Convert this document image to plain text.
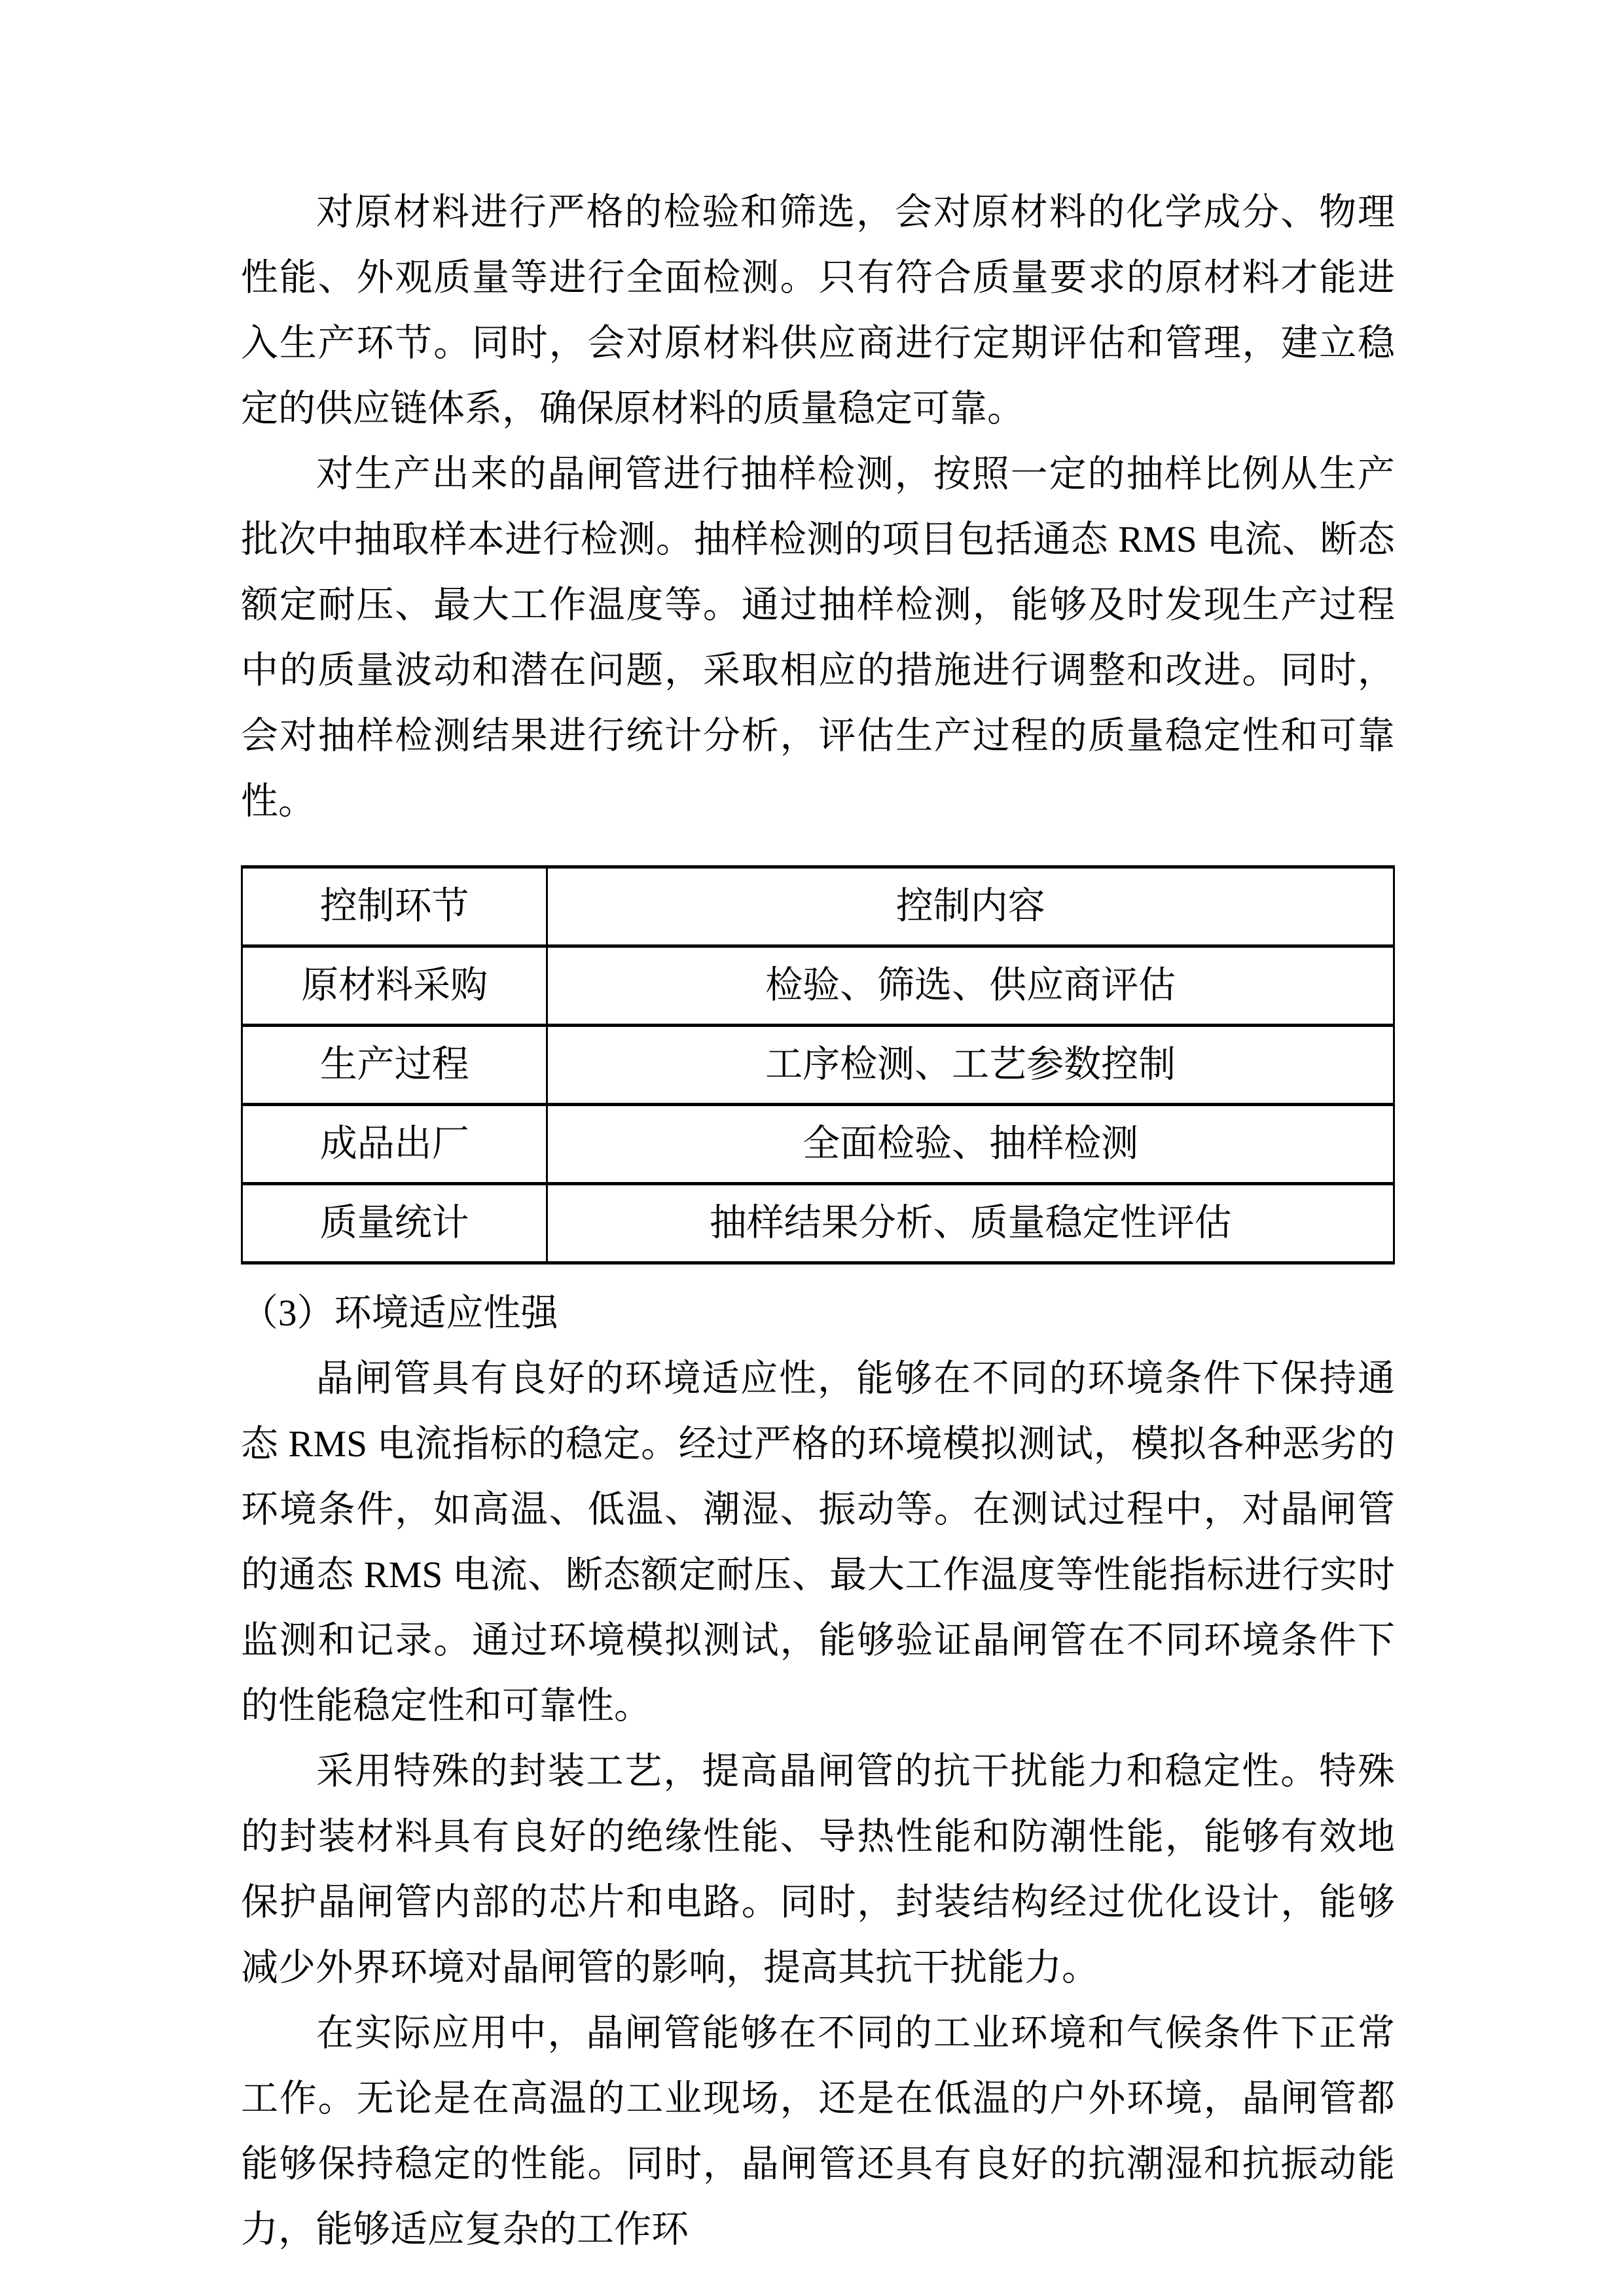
对原材料进行严格的检验和筛选，会对原材料的化学成分、物理性能、外观质量等进行全面检测。只有符合质量要求的原材料才能进入生产环节。同时，会对原材料供应商进行定期评估和管理，建立稳定的供应链体系，确保原材料的质量稳定可靠。

对生产出来的晶闸管进行抽样检测，按照一定的抽样比例从生产批次中抽取样本进行检测。抽样检测的项目包括通态 RMS 电流、断态额定耐压、最大工作温度等。通过抽样检测，能够及时发现生产过程中的质量波动和潜在问题，采取相应的措施进行调整和改进。同时，会对抽样检测结果进行统计分析，评估生产过程的质量稳定性和可靠性。

控制环节	控制内容
原材料采购	检验、筛选、供应商评估
生产过程	工序检测、工艺参数控制
成品出厂	全面检验、抽样检测
质量统计	抽样结果分析、质量稳定性评估

（3）环境适应性强

晶闸管具有良好的环境适应性，能够在不同的环境条件下保持通态 RMS 电流指标的稳定。经过严格的环境模拟测试，模拟各种恶劣的环境条件，如高温、低温、潮湿、振动等。在测试过程中，对晶闸管的通态 RMS 电流、断态额定耐压、最大工作温度等性能指标进行实时监测和记录。通过环境模拟测试，能够验证晶闸管在不同环境条件下的性能稳定性和可靠性。

采用特殊的封装工艺，提高晶闸管的抗干扰能力和稳定性。特殊的封装材料具有良好的绝缘性能、导热性能和防潮性能，能够有效地保护晶闸管内部的芯片和电路。同时，封装结构经过优化设计，能够减少外界环境对晶闸管的影响，提高其抗干扰能力。

在实际应用中，晶闸管能够在不同的工业环境和气候条件下正常工作。无论是在高温的工业现场，还是在低温的户外环境，晶闸管都能够保持稳定的性能。同时，晶闸管还具有良好的抗潮湿和抗振动能力，能够适应复杂的工作环
